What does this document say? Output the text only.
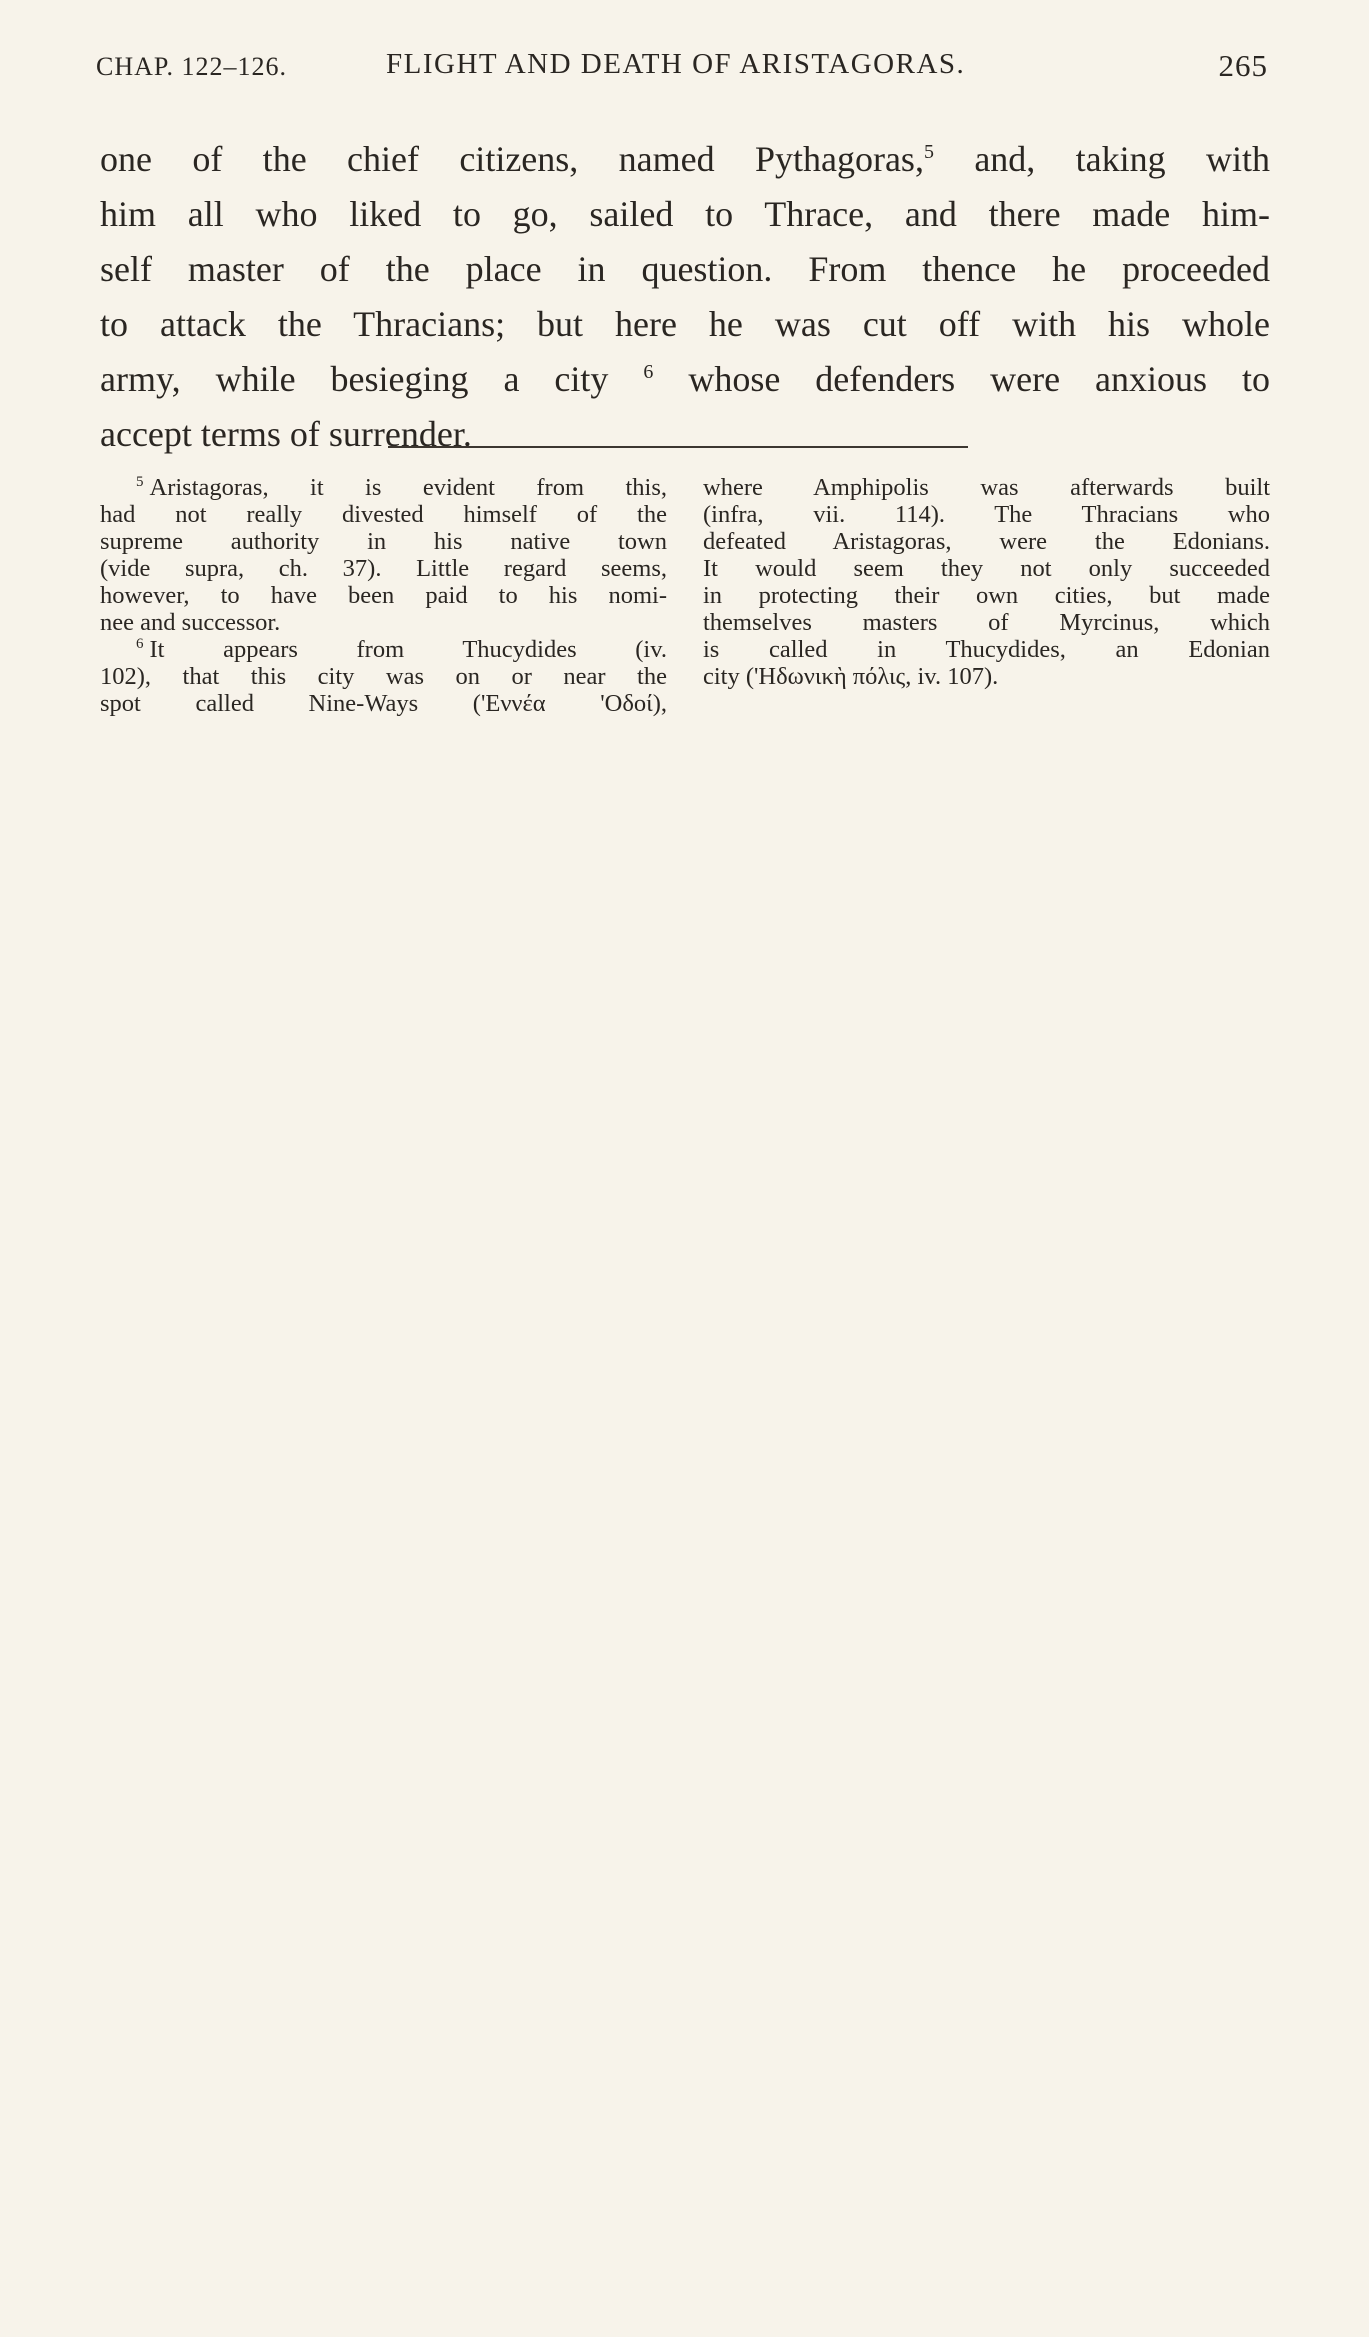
CHAP. 122–126.	FLIGHT AND DEATH OF ARISTAGORAS.	265
one of the chief citizens, named Pythagoras,$^5$ and, taking with
him all who liked to go, sailed to Thrace, and there made him-
self master of the place in question. From thence he proceeded
to attack the Thracians; but here he was cut off with his whole
army, while besieging a city $^6$ whose defenders were anxious to
accept terms of surrender.
$^5$ Aristagoras, it is evident from this,
had not really divested himself of the
supreme authority in his native town
(vide supra, ch. 37). Little regard seems,
however, to have been paid to his nomi-
nee and successor.
$^6$ It appears from Thucydides (iv.
102), that this city was on or near the
spot called Nine-Ways ('Εννέα 'Οδοί),
where Amphipolis was afterwards built
(infra, vii. 114). The Thracians who
defeated Aristagoras, were the Edonians.
It would seem they not only succeeded
in protecting their own cities, but made
themselves masters of Myrcinus, which
is called in Thucydides, an Edonian
city ('Ηδωνικὴ πόλις, iv. 107).
